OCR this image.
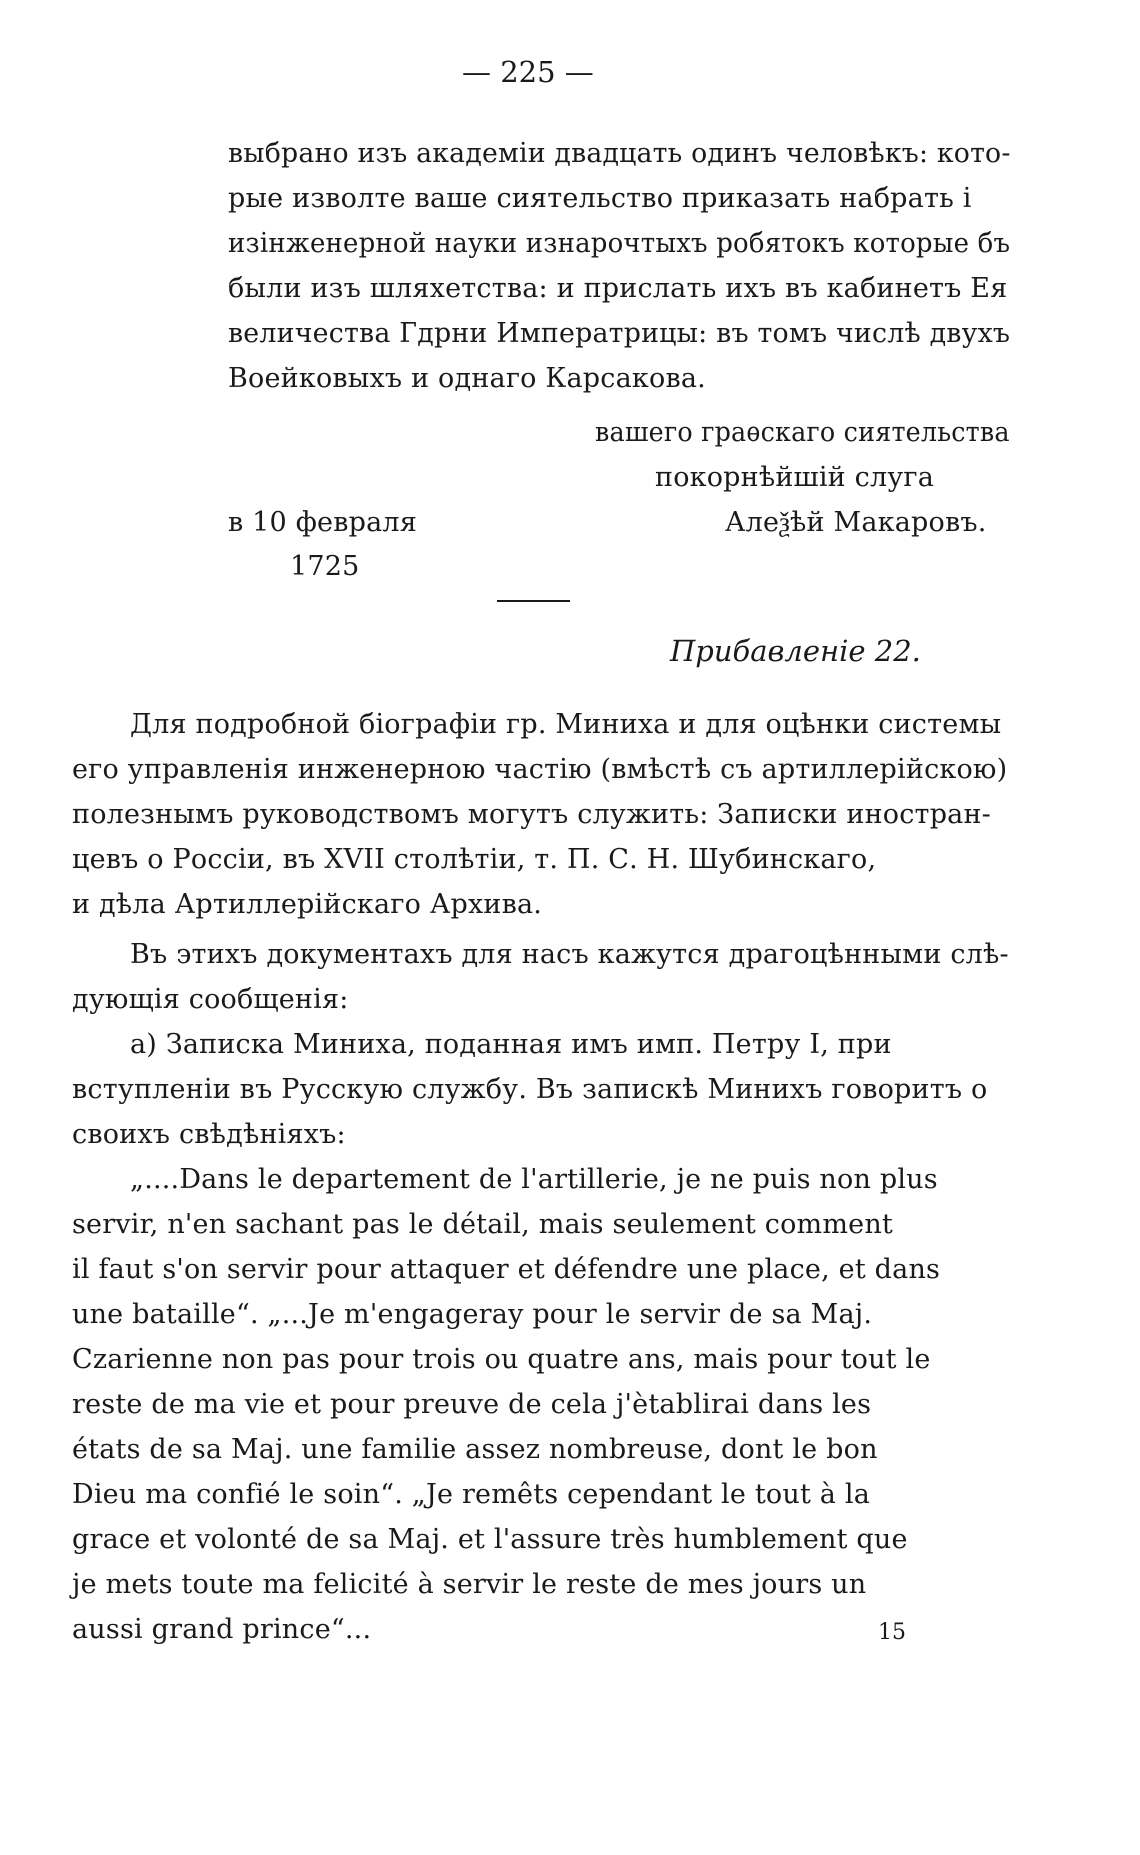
— 225 —
выбрано изъ академіи двадцать одинъ человѣкъ: кото-
рые изволте ваше сиятельство приказать набрать і
изінженерной науки изнарочтыхъ робятокъ которые бъ
были изъ шляхетства: и прислать ихъ въ кабинетъ Ея
величества Гдрни Императрицы: въ томъ числѣ двухъ
Воейковыхъ и однаго Карсакова.
вашего граѳскаго сиятельства
покорнѣйшій слуга
в 10 февраля	Алеѯѣй Макаровъ.
1725
Прибавленіе 22.
Для подробной біографіи гр. Миниха и для оцѣнки системы
его управленія инженерною частію (вмѣстѣ съ артиллерійскою)
полезнымъ руководствомъ могутъ служить: Записки иностран-
цевъ о Россіи, въ XVII столѣтіи, т. П. С. Н. Шубинскаго,
и дѣла Артиллерійскаго Архива.
Въ этихъ документахъ для насъ кажутся драгоцѣнными слѣ-
дующія сообщенія:
а) Записка Миниха, поданная имъ имп. Петру I, при
вступленіи въ Русскую службу. Въ запискѣ Минихъ говоритъ о
своихъ свѣдѣніяхъ:
„....Dans le departement de l'artillerie, je ne puis non plus
servir, n'en sachant pas le détail, mais seulement comment
il faut s'on servir pour attaquer et défendre une place, et dans
une bataille“. „...Je m'engageray pour le servir de sa Maj.
Czarienne non pas pour trois ou quatre ans, mais pour tout le
reste de ma vie et pour preuve de cela j'ètablirai dans les
états de sa Maj. une familie assez nombreuse, dont le bon
Dieu ma confié le soin“. „Je remêts cependant le tout à la
grace et volonté de sa Maj. et l'assure très humblement que
je mets toute ma felicité à servir le reste de mes jours un
aussi grand prince“...	15
